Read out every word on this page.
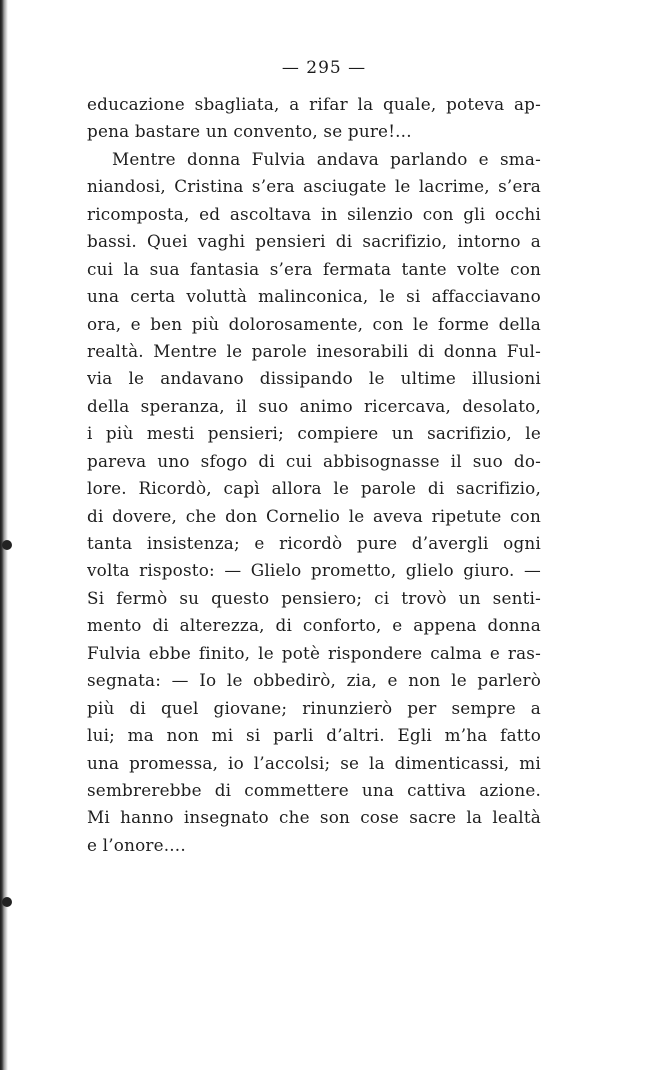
— 295 —
educazione sbagliata, a rifar la quale, poteva ap-
pena bastare un convento, se pure!...
Mentre donna Fulvia andava parlando e sma-
niandosi, Cristina s’era asciugate le lacrime, s’era
ricomposta, ed ascoltava in silenzio con gli occhi
bassi. Quei vaghi pensieri di sacrifizio, intorno a
cui la sua fantasia s’era fermata tante volte con
una certa voluttà malinconica, le si affacciavano
ora, e ben più dolorosamente, con le forme della
realtà. Mentre le parole inesorabili di donna Ful-
via le andavano dissipando le ultime illusioni
della speranza, il suo animo ricercava, desolato,
i più mesti pensieri; compiere un sacrifizio, le
pareva uno sfogo di cui abbisognasse il suo do-
lore. Ricordò, capì allora le parole di sacrifizio,
di dovere, che don Cornelio le aveva ripetute con
tanta insistenza; e ricordò pure d’avergli ogni
volta risposto: — Glielo prometto, glielo giuro. —
Si fermò su questo pensiero; ci trovò un senti-
mento di alterezza, di conforto, e appena donna
Fulvia ebbe finito, le potè rispondere calma e ras-
segnata: — Io le obbedirò, zia, e non le parlerò
più di quel giovane; rinunzierò per sempre a
lui; ma non mi si parli d’altri. Egli m’ha fatto
una promessa, io l’accolsi; se la dimenticassi, mi
sembrerebbe di commettere una cattiva azione.
Mi hanno insegnato che son cose sacre la lealtà
e l’onore....
